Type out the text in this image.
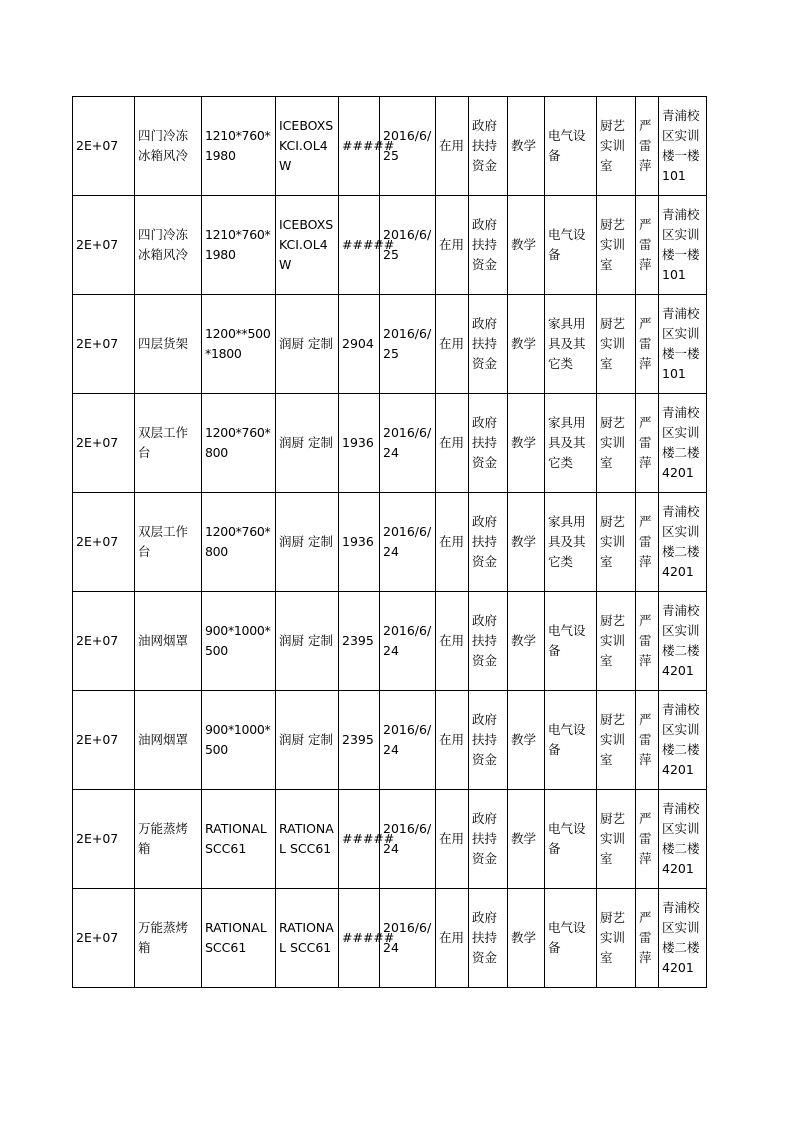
2E+07	四门冷冻冰箱风冷	1210*760*1980	ICEBOXS KCI.OL4W	#####	2016/6/25	在用	政府扶持资金	教学	电气设备	厨艺实训室	严雷萍	青浦校区实训楼一楼101
2E+07	四门冷冻冰箱风冷	1210*760*1980	ICEBOXS KCI.OL4W	#####	2016/6/25	在用	政府扶持资金	教学	电气设备	厨艺实训室	严雷萍	青浦校区实训楼一楼101
2E+07	四层货架	1200**500*1800	润厨 定制	2904	2016/6/25	在用	政府扶持资金	教学	家具用具及其它类	厨艺实训室	严雷萍	青浦校区实训楼一楼101
2E+07	双层工作台	1200*760*800	润厨 定制	1936	2016/6/24	在用	政府扶持资金	教学	家具用具及其它类	厨艺实训室	严雷萍	青浦校区实训楼二楼4201
2E+07	双层工作台	1200*760*800	润厨 定制	1936	2016/6/24	在用	政府扶持资金	教学	家具用具及其它类	厨艺实训室	严雷萍	青浦校区实训楼二楼4201
2E+07	油网烟罩	900*1000*500	润厨 定制	2395	2016/6/24	在用	政府扶持资金	教学	电气设备	厨艺实训室	严雷萍	青浦校区实训楼二楼4201
2E+07	油网烟罩	900*1000*500	润厨 定制	2395	2016/6/24	在用	政府扶持资金	教学	电气设备	厨艺实训室	严雷萍	青浦校区实训楼二楼4201
2E+07	万能蒸烤箱	RATIONAL SCC61	RATIONAL SCC61	#####	2016/6/24	在用	政府扶持资金	教学	电气设备	厨艺实训室	严雷萍	青浦校区实训楼二楼4201
2E+07	万能蒸烤箱	RATIONAL SCC61	RATIONAL SCC61	#####	2016/6/24	在用	政府扶持资金	教学	电气设备	厨艺实训室	严雷萍	青浦校区实训楼二楼4201
